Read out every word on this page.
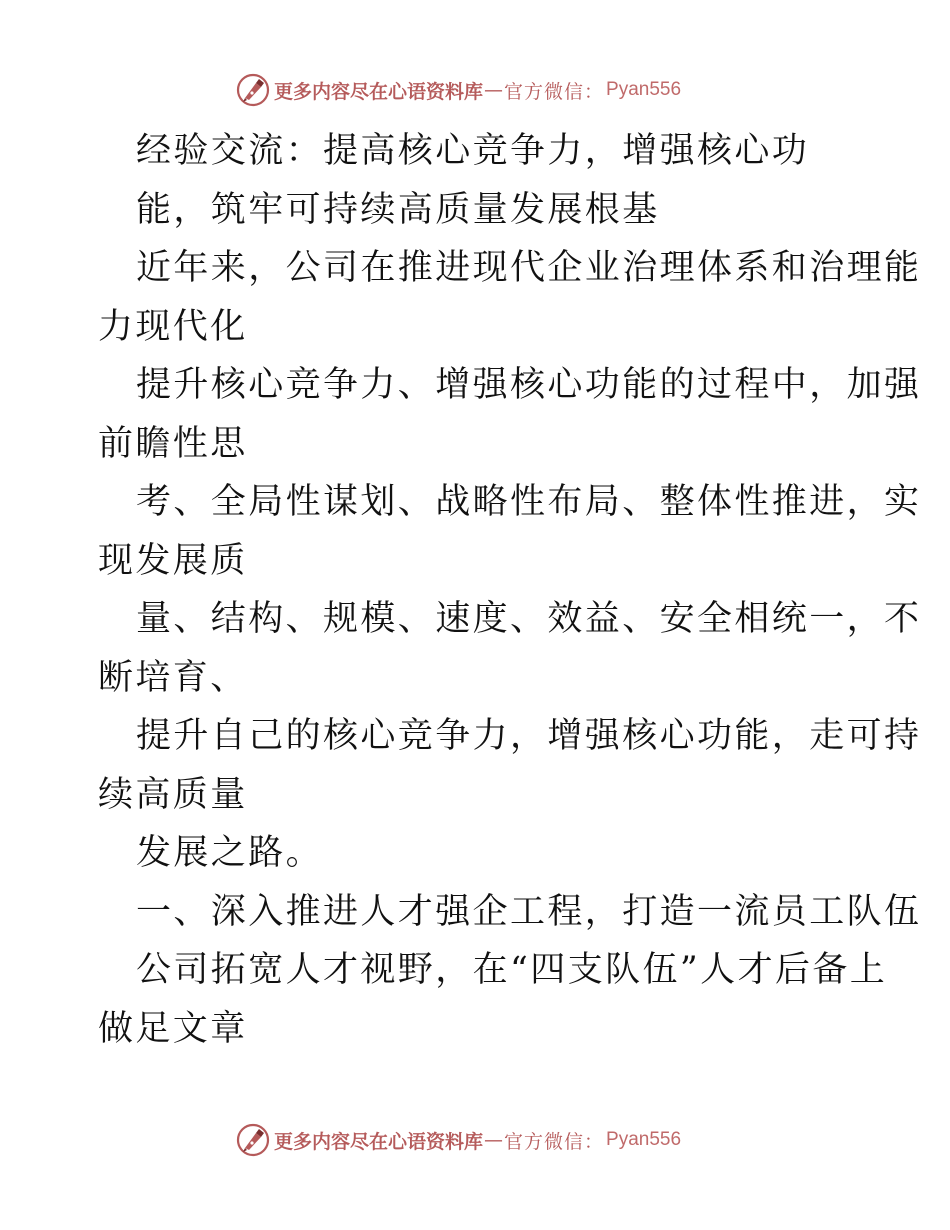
更多内容尽在心语资料库 — 官方微信： Pyan556
经验交流：提高核心竞争力，增强核心功
能，筑牢可持续高质量发展根基
近年来，公司在推进现代企业治理体系和治理能
力现代化
提升核心竞争力、增强核心功能的过程中，加强
前瞻性思
考、全局性谋划、战略性布局、整体性推进，实
现发展质
量、结构、规模、速度、效益、安全相统一，不
断培育、
提升自己的核心竞争力，增强核心功能，走可持
续高质量
发展之路。
一、深入推进人才强企工程，打造一流员工队伍
公司拓宽人才视野，在“四支队伍”人才后备上
做足文章
更多内容尽在心语资料库 — 官方微信： Pyan556
